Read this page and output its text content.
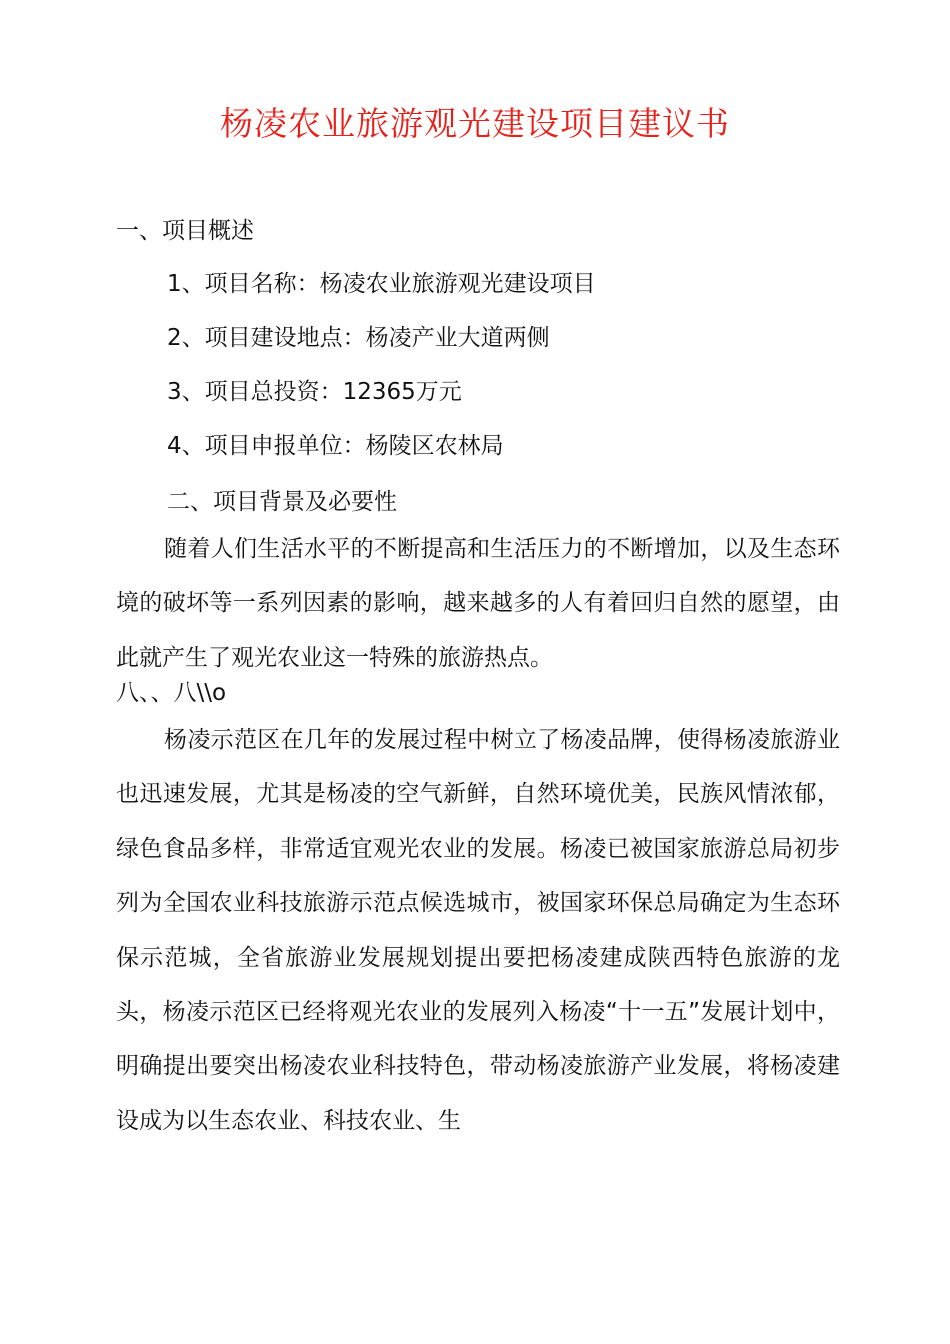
杨凌农业旅游观光建设项目建议书
一、项目概述
1、项目名称：杨凌农业旅游观光建设项目
2、项目建设地点：杨凌产业大道两侧
3、项目总投资：12365万元
4、项目申报单位：杨陵区农林局
二、项目背景及必要性

随着人们生活水平的不断提高和生活压力的不断增加，以及生态环境的破坏等一系列因素的影响，越来越多的人有着回归自然的愿望，由此就产生了观光农业这一特殊的旅游热点。

八、、八\\o

杨凌示范区在几年的发展过程中树立了杨凌品牌，使得杨凌旅游业也迅速发展，尤其是杨凌的空气新鲜，自然环境优美，民族风情浓郁，绿色食品多样，非常适宜观光农业的发展。杨凌已被国家旅游总局初步列为全国农业科技旅游示范点候选城市，被国家环保总局确定为生态环保示范城，全省旅游业发展规划提出要把杨凌建成陕西特色旅游的龙头，杨凌示范区已经将观光农业的发展列入杨凌“十一五”发展计划中，明确提出要突出杨凌农业科技特色，带动杨凌旅游产业发展，将杨凌建设成为以生态农业、科技农业、生
